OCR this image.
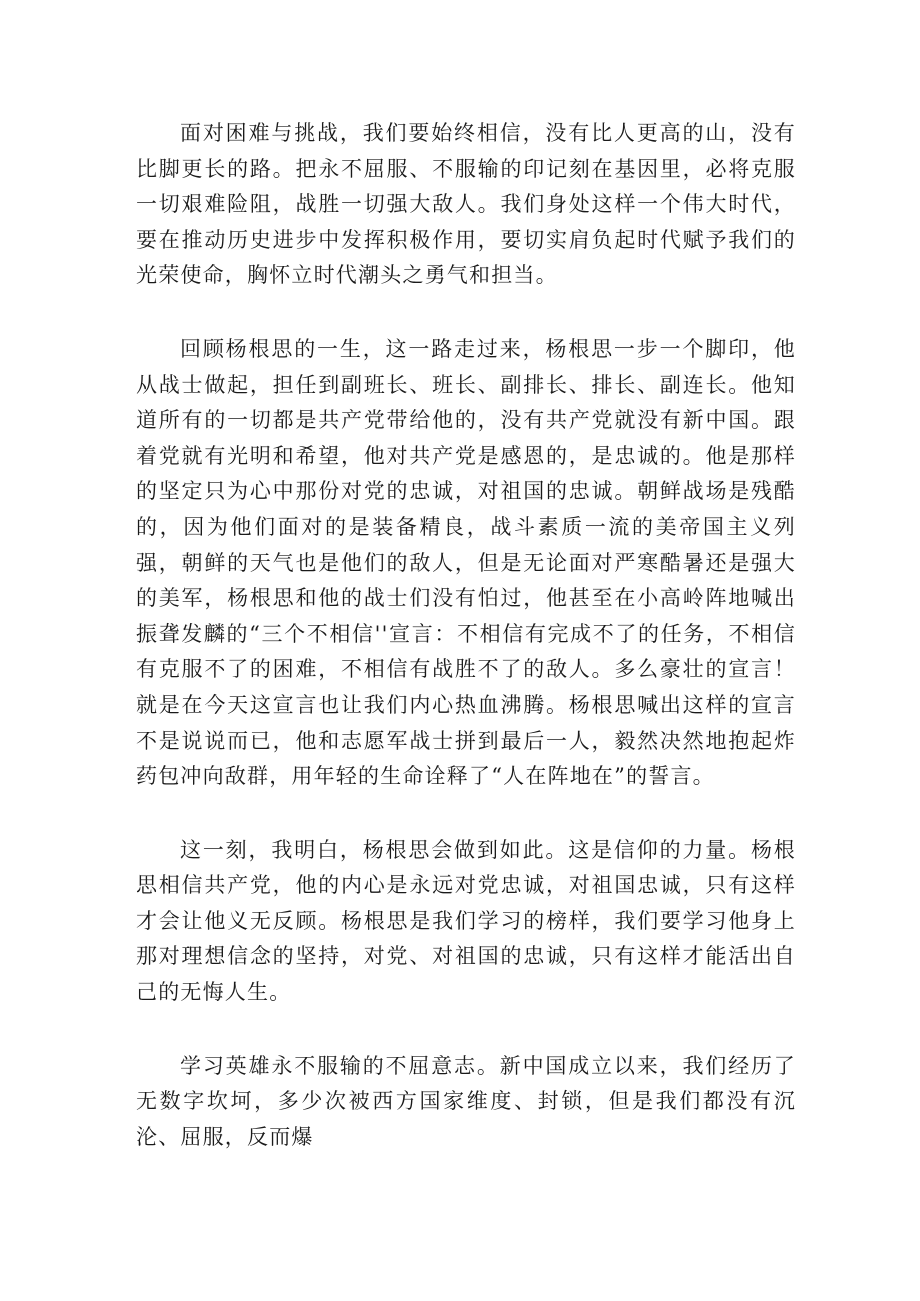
面对困难与挑战，我们要始终相信，没有比人更高的山，没有比脚更长的路。把永不屈服、不服输的印记刻在基因里，必将克服一切艰难险阻，战胜一切强大敌人。我们身处这样一个伟大时代，要在推动历史进步中发挥积极作用，要切实肩负起时代赋予我们的光荣使命，胸怀立时代潮头之勇气和担当。

回顾杨根思的一生，这一路走过来，杨根思一步一个脚印，他从战士做起，担任到副班长、班长、副排长、排长、副连长。他知道所有的一切都是共产党带给他的，没有共产党就没有新中国。跟着党就有光明和希望，他对共产党是感恩的，是忠诚的。他是那样的坚定只为心中那份对党的忠诚，对祖国的忠诚。朝鲜战场是残酷的，因为他们面对的是装备精良，战斗素质一流的美帝国主义列强，朝鲜的天气也是他们的敌人，但是无论面对严寒酷暑还是强大的美军，杨根思和他的战士们没有怕过，他甚至在小高岭阵地喊出振聋发麟的“三个不相信''宣言：不相信有完成不了的任务，不相信有克服不了的困难，不相信有战胜不了的敌人。多么豪壮的宣言！就是在今天这宣言也让我们内心热血沸腾。杨根思喊出这样的宣言不是说说而已，他和志愿军战士拼到最后一人，毅然决然地抱起炸药包冲向敌群，用年轻的生命诠释了“人在阵地在”的誓言。

这一刻，我明白，杨根思会做到如此。这是信仰的力量。杨根思相信共产党，他的内心是永远对党忠诚，对祖国忠诚，只有这样才会让他义无反顾。杨根思是我们学习的榜样，我们要学习他身上那对理想信念的坚持，对党、对祖国的忠诚，只有这样才能活出自己的无悔人生。

学习英雄永不服输的不屈意志。新中国成立以来，我们经历了无数字坎坷，多少次被西方国家维度、封锁，但是我们都没有沉沦、屈服，反而爆
